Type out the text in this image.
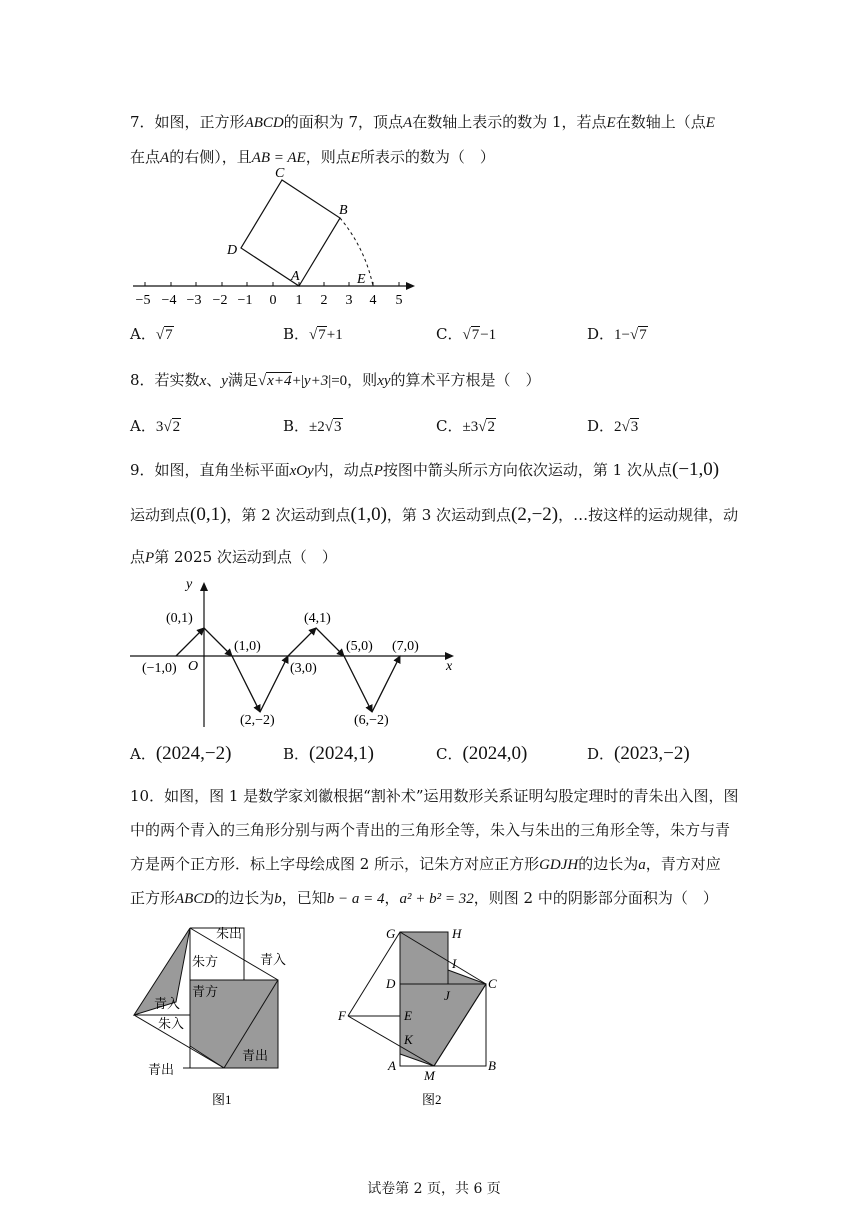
7．如图，正方形ABCD的面积为 7，顶点A在数轴上表示的数为 1，若点E在数轴上（点E
在点A的右侧），且AB = AE，则点E所表示的数为（　）
−5 −4 −3 −2 −1 0 1 2 3 4 5
C
B
D
A	E
A．√7	B．√7+1	C．√7−1	D．1−√7
8．若实数x、y满足√x+4+|y+3|=0，则xy的算术平方根是（　）
A．3√2	B．±2√3	C．±3√2	D．2√3
9．如图，直角坐标平面xOy内，动点P按图中箭头所示方向依次运动，第 1 次从点(−1,0)
运动到点(0,1)，第 2 次运动到点(1,0)，第 3 次运动到点(2,−2)，…按这样的运动规律，动
点P第 2025 次运动到点（　）
y
x
O
(0,1)
(1,0)
(4,1)
(5,0) (7,0)
(−1,0)	(3,0)
(2,−2)	(6,−2)
A．(2024,−2)	B．(2024,1)	C．(2024,0)	D．(2023,−2)
10．如图，图 1 是数学家刘徽根据“割补术”运用数形关系证明勾股定理时的青朱出入图，图
中的两个青入的三角形分别与两个青出的三角形全等，朱入与朱出的三角形全等，朱方与青
方是两个正方形．标上字母绘成图 2 所示，记朱方对应正方形GDJH的边长为a，青方对应
正方形ABCD的边长为b，已知b − a = 4，a² + b² = 32，则图 2 中的阴影部分面积为（　）
朱出
青入
朱方
青方
青入
朱入
青出
青出
图1
G	H
I
D
J
C
F	E
K
A
M
B
图2
试卷第 2 页，共 6 页
